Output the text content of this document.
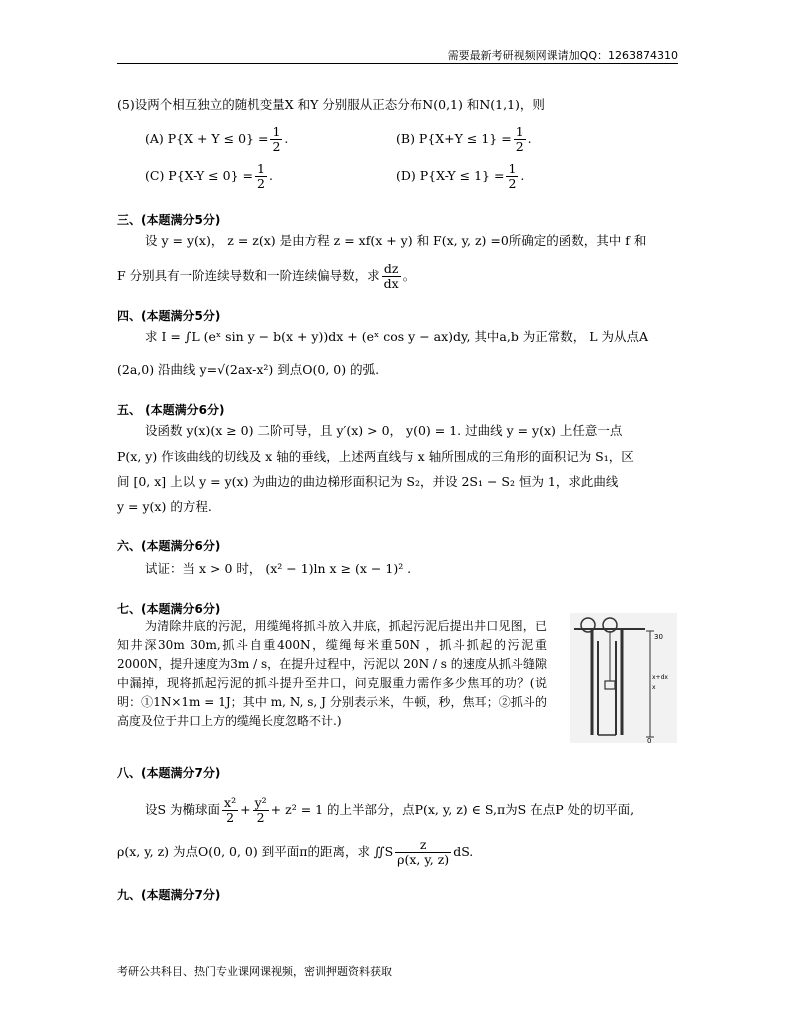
需要最新考研视频网课请加QQ：1263874310
(5)设两个相互独立的随机变量X 和Y 分别服从正态分布N(0,1) 和N(1,1)，则
(A) $P\{X + Y \le 0\} = \frac{1}{2}$ .	(B) $P\{X+Y \le 1\} = \frac{1}{2}$ .
(C) $P\{X-Y \le 0\} = \frac{1}{2}$ .	(D) $P\{X-Y \le 1\} = \frac{1}{2}$ .
三、(本题满分5分)
设 y = y(x)， z = z(x) 是由方程 z = xf(x + y) 和 F(x, y, z) =0所确定的函数，其中 f 和
F 分别具有一阶连续导数和一阶连续偏导数，求 $\frac{dz}{dx}$ 。
四、(本题满分5分)
求 I = ∫L (eˣ sin y − b(x + y))dx + (eˣ cos y − ax)dy, 其中a,b 为正常数， L 为从点A
(2a,0) 沿曲线 y=√(2ax-x²) 到点O(0, 0) 的弧.
五、 (本题满分6分)
设函数 y(x)(x ≥ 0) 二阶可导，且 y′(x) > 0， y(0) = 1. 过曲线 y = y(x) 上任意一点
P(x, y) 作该曲线的切线及 x 轴的垂线，上述两直线与 x 轴所围成的三角形的面积记为 S₁，区
间 [0, x] 上以 y = y(x) 为曲边的曲边梯形面积记为 S₂，并设 2S₁ − S₂ 恒为 1，求此曲线
y = y(x) 的方程.
六、(本题满分6分)
试证：当 x > 0 时， (x² − 1)ln x ≥ (x − 1)² .
七、(本题满分6分)
为清除井底的污泥，用缆绳将抓斗放入井底，抓起污泥后提出井口见图，已知井深30m 30m,抓斗自重400N，缆绳每米重50N ，抓斗抓起的污泥重2000N，提升速度为3m / s，在提升过程中，污泥以 20N / s 的速度从抓斗缝隙中漏掉，现将抓起污泥的抓斗提升至井口，问克服重力需作多少焦耳的功？(说明：①1N×1m = 1J；其中 m, N, s, J 分别表示米，牛顿，秒，焦耳；②抓斗的高度及位于井口上方的缆绳长度忽略不计.)
30
x+dx
x
0
八、(本题满分7分)
设S 为椭球面 $\frac{\text{x²}}{2} + \frac{\text{y²}}{2} + z^2 = 1$ 的上半部分，点P(x, y, z) ∈ S,π为S 在点P 处的切平面,
ρ(x, y, z) 为点O(0, 0, 0) 到平面π的距离，求 ∬S $\frac{z}{\rho(x, y, z)}$ dS.
九、(本题满分7分)
考研公共科目、热门专业课网课视频，密训押题资料获取
